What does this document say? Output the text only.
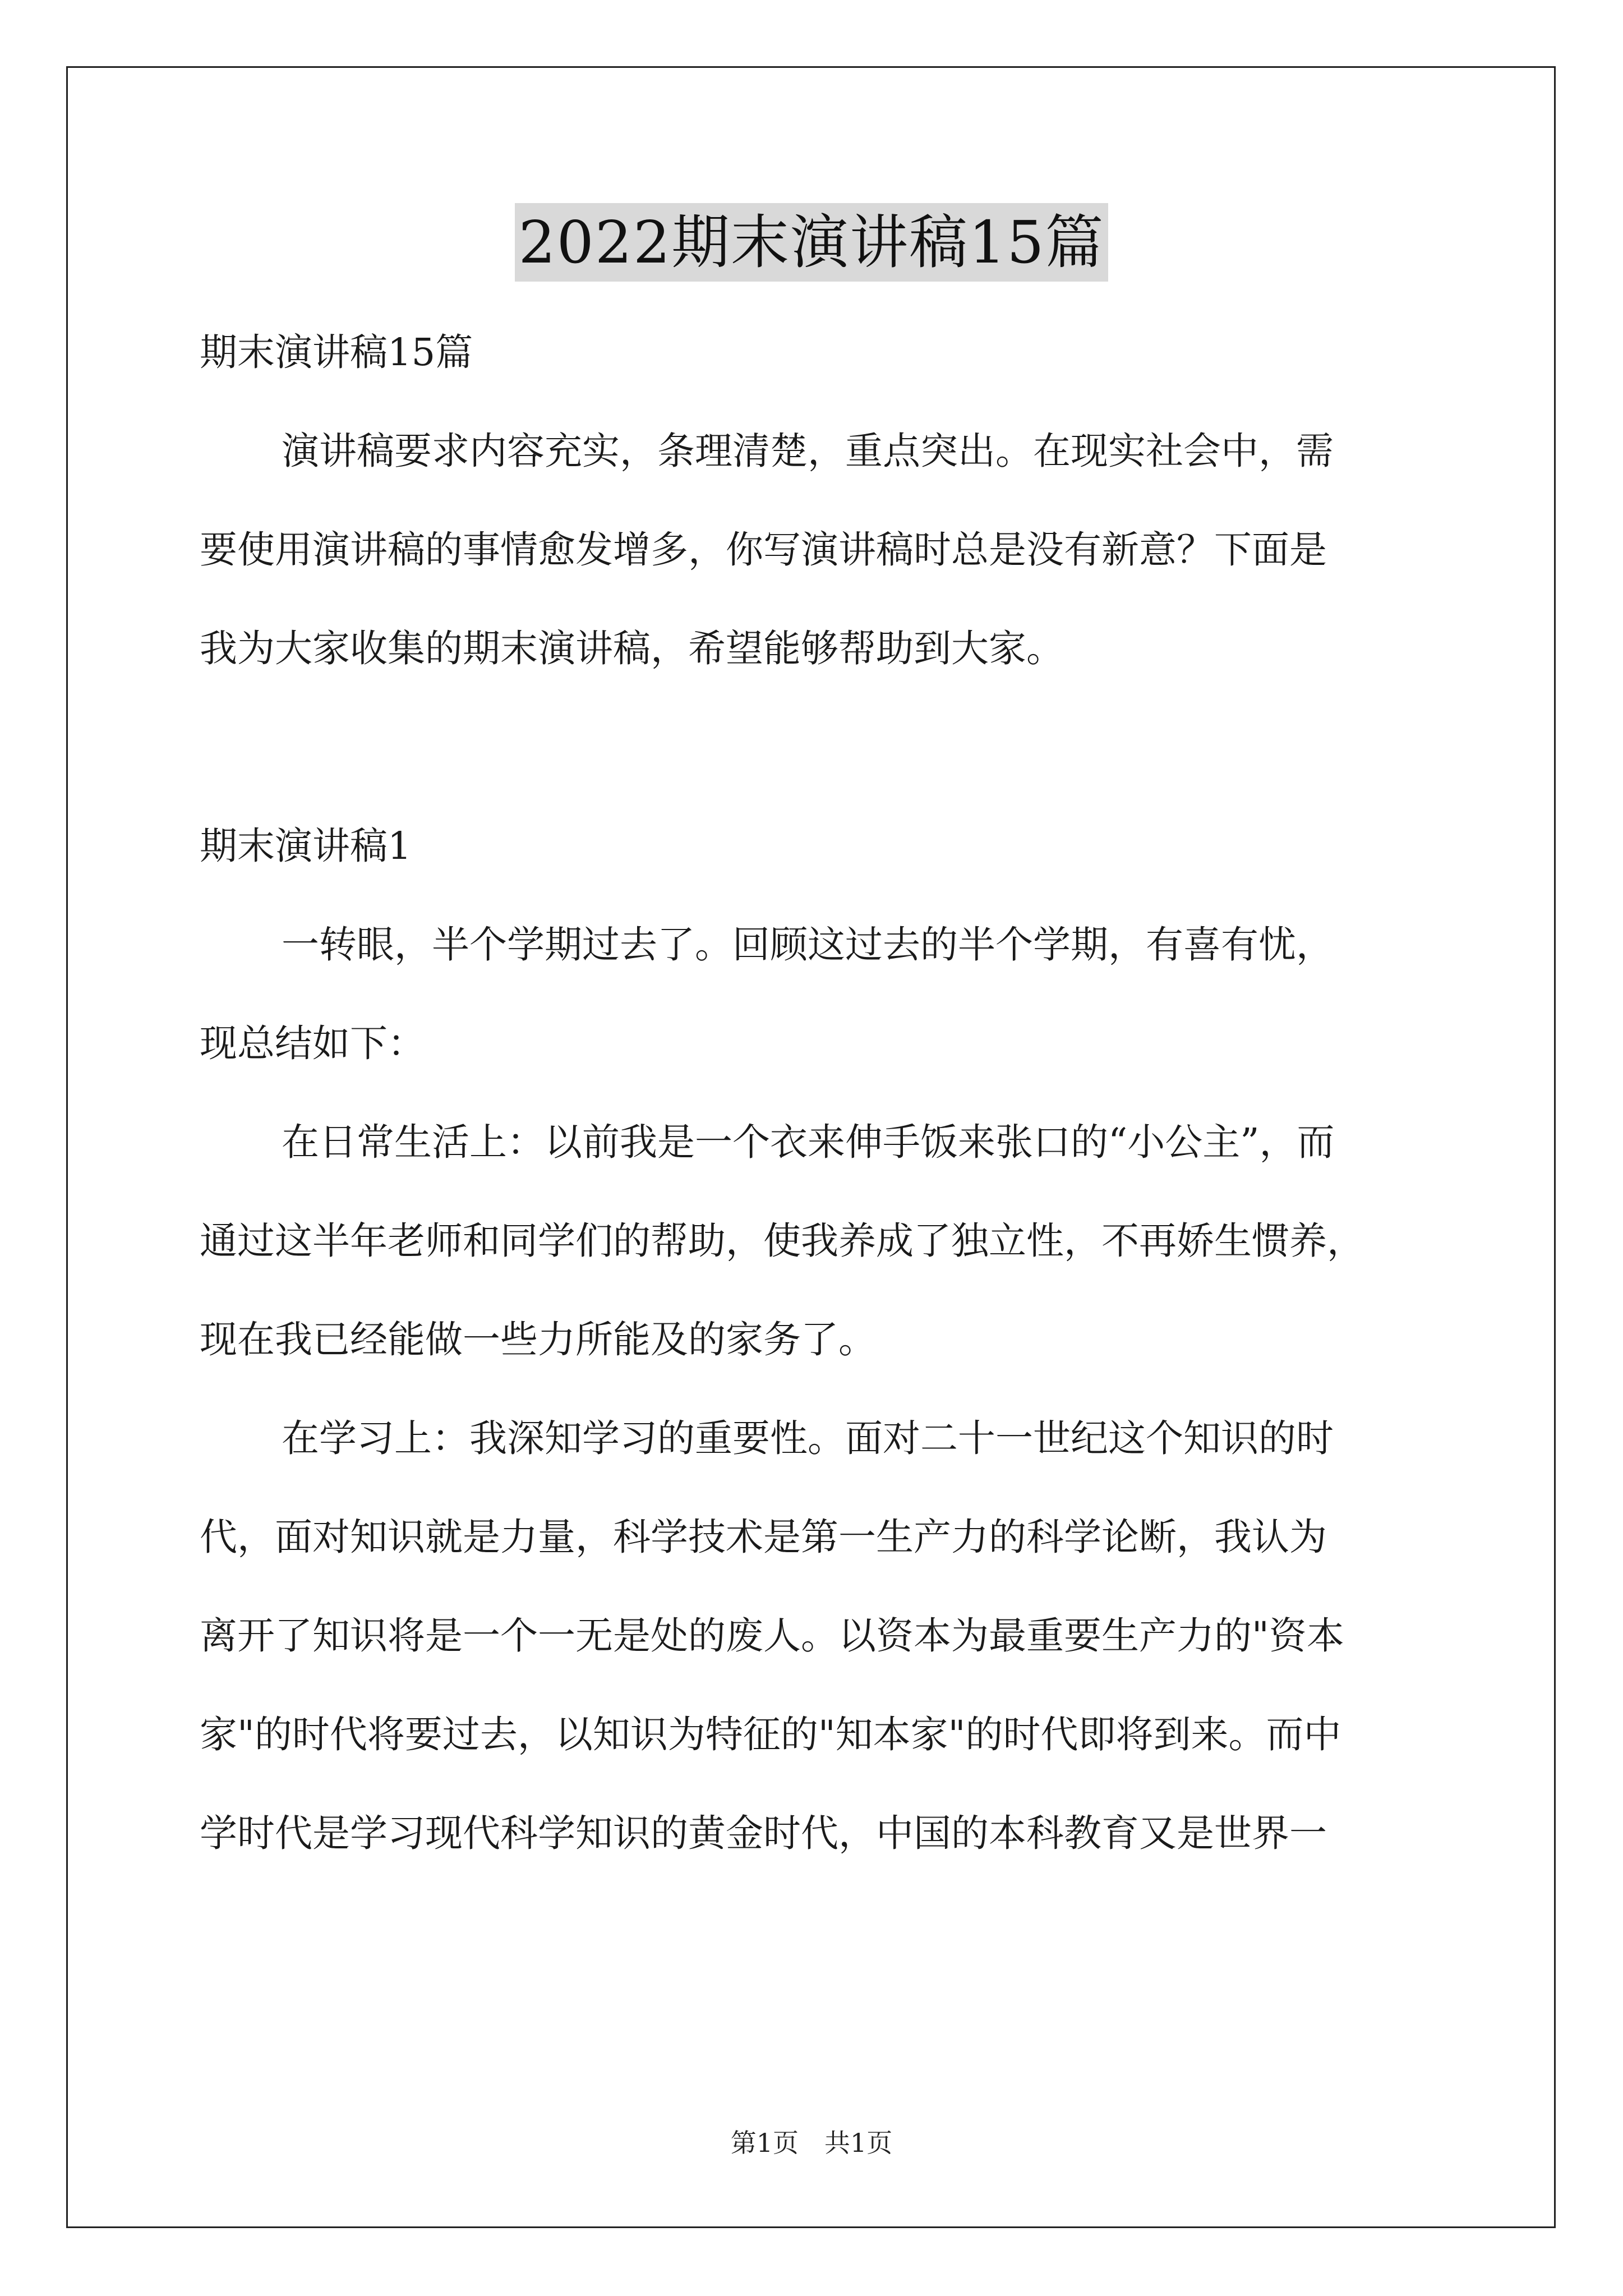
2022期末演讲稿15篇
期末演讲稿15篇
演讲稿要求内容充实，条理清楚，重点突出。在现实社会中，需
要使用演讲稿的事情愈发增多，你写演讲稿时总是没有新意？下面是
我为大家收集的期末演讲稿，希望能够帮助到大家。
期末演讲稿1
一转眼，半个学期过去了。回顾这过去的半个学期，有喜有忧，
现总结如下：
在日常生活上：以前我是一个衣来伸手饭来张口的“小公主”，而
通过这半年老师和同学们的帮助，使我养成了独立性，不再娇生惯养，
现在我已经能做一些力所能及的家务了。
在学习上：我深知学习的重要性。面对二十一世纪这个知识的时
代，面对知识就是力量，科学技术是第一生产力的科学论断，我认为
离开了知识将是一个一无是处的废人。以资本为最重要生产力的"资本
家"的时代将要过去，以知识为特征的"知本家"的时代即将到来。而中
学时代是学习现代科学知识的黄金时代，中国的本科教育又是世界一
第1页 共1页
